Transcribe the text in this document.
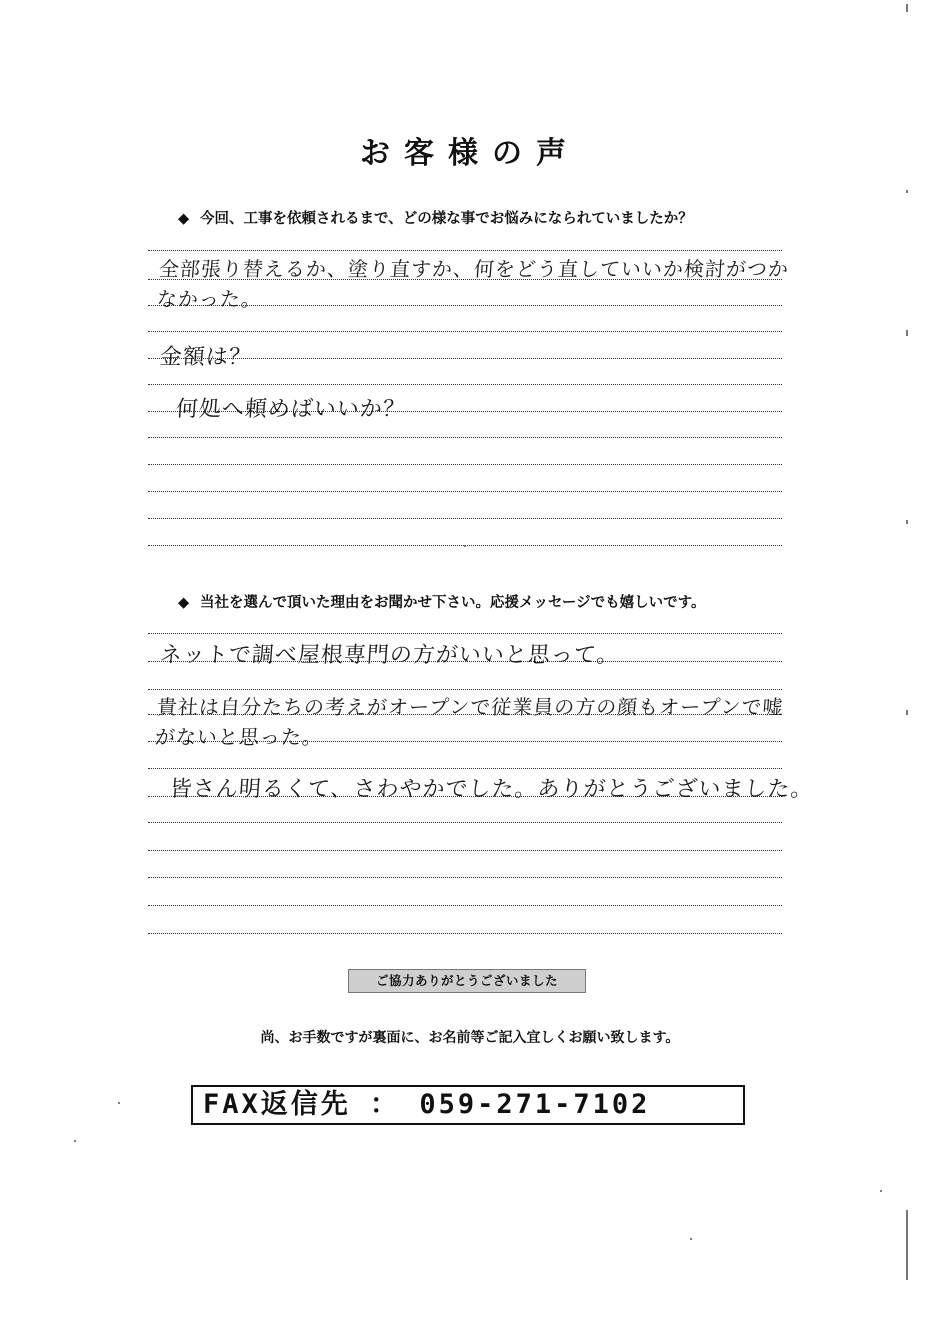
お客様の声
◆ 今回、工事を依頼されるまで、どの様な事でお悩みになられていましたか？
全部張り替えるか、塗り直すか、何をどう直していいか検討がつかなかった。
金額は？
何処へ頼めばいいか？
◆ 当社を選んで頂いた理由をお聞かせ下さい。応援メッセージでも嬉しいです。
ネットで調べ屋根専門の方がいいと思って。
貴社は自分たちの考えがオープンで従業員の方の顔もオープンで嘘がないと思った。
皆さん明るくて、さわやかでした。ありがとうございました。
ご協力ありがとうございました
尚、お手数ですが裏面に、お名前等ご記入宜しくお願い致します。
FAX返信先 ： 059-271-7102
